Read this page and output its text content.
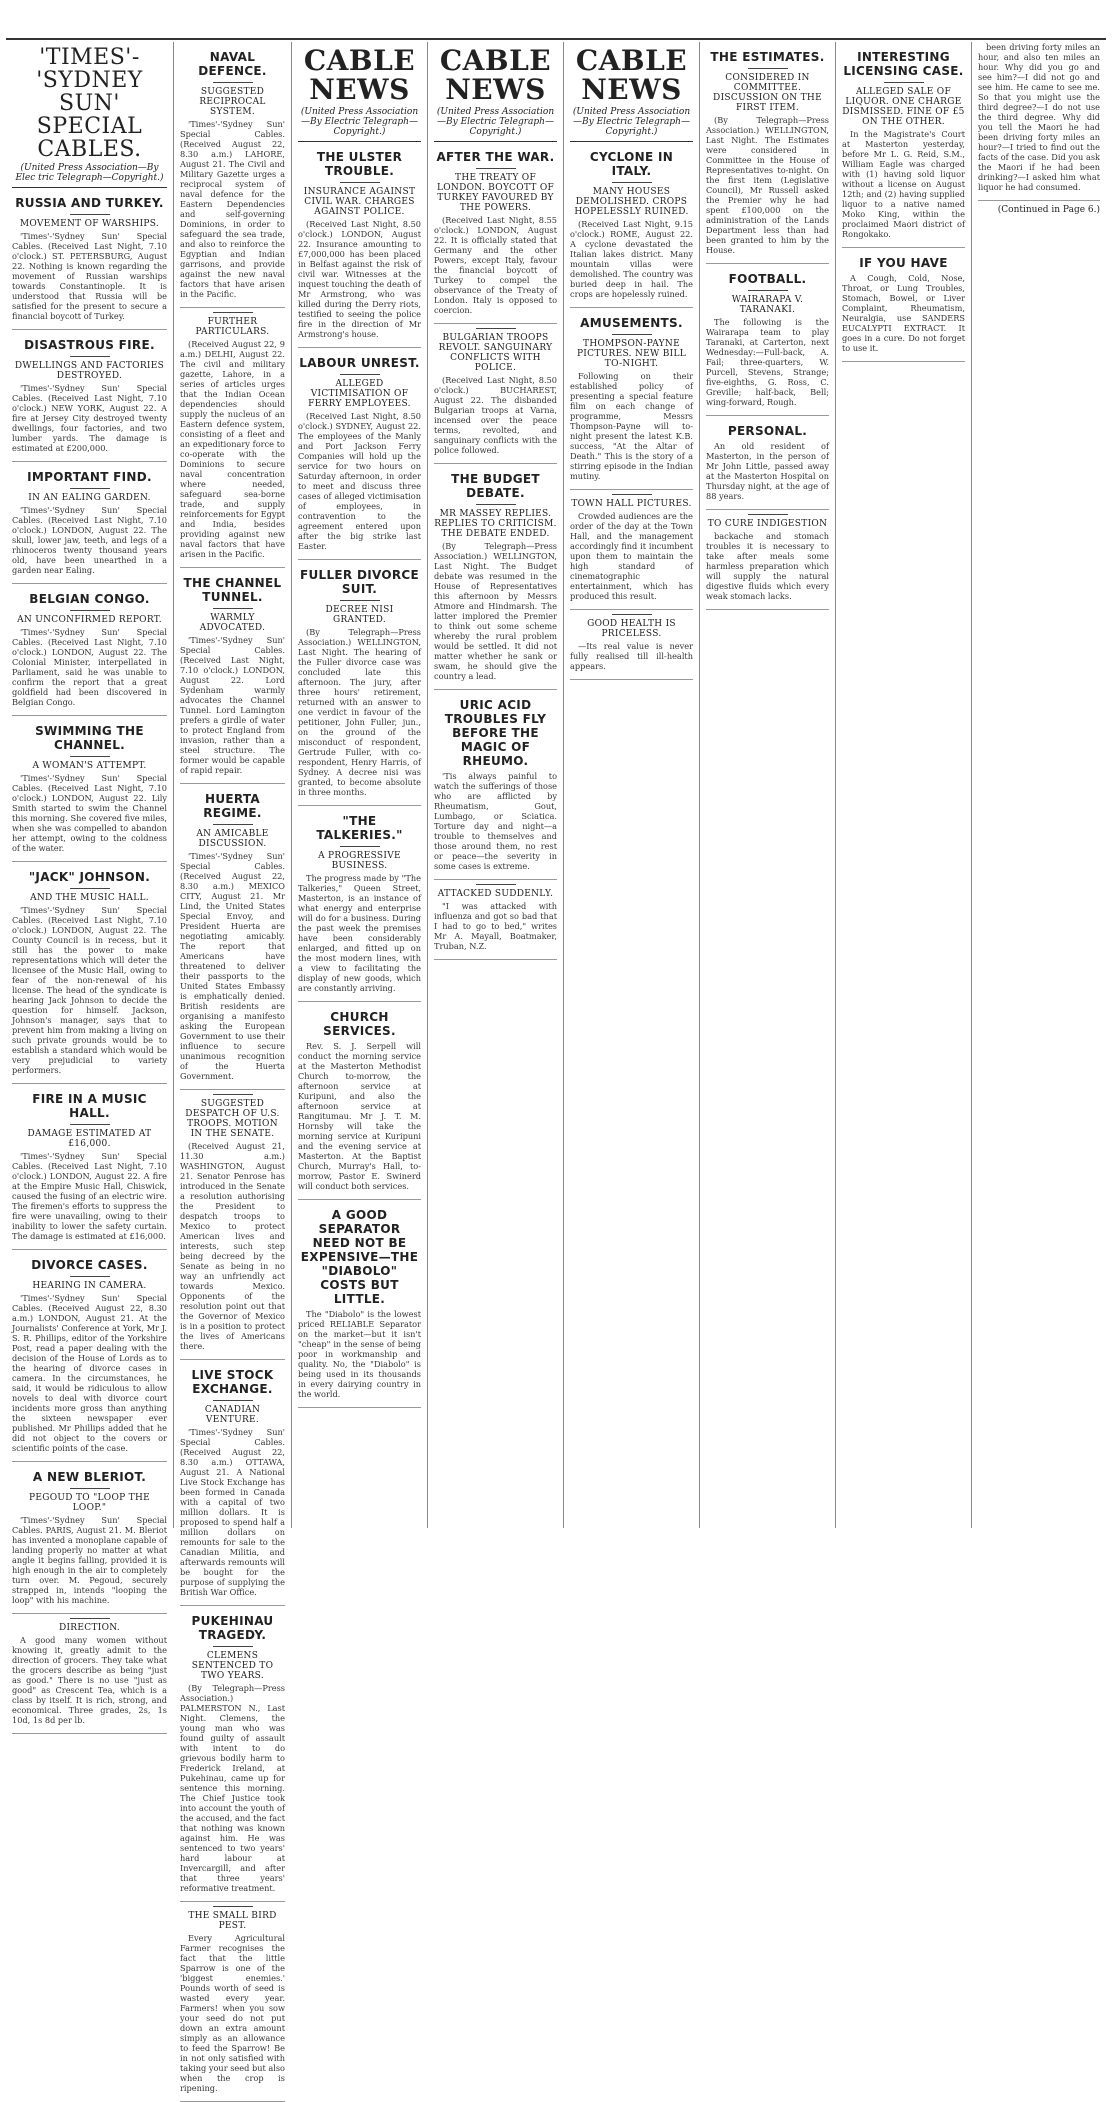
'TIMES'-'SYDNEY SUN' SPECIAL CABLES.
(United Press Association—By Elec tric Telegraph—Copyright.)
RUSSIA AND TURKEY.
MOVEMENT OF WARSHIPS.

'Times'-'Sydney Sun' Special Cables. (Received Last Night, 7.10 o'clock.) ST. PETERSBURG, August 22. Nothing is known regarding the movement of Russian warships towards Constantinople. It is understood that Russia will be satisfied for the present to secure a financial boycott of Turkey.

DISASTROUS FIRE.
DWELLINGS AND FACTORIES DESTROYED.

'Times'-'Sydney Sun' Special Cables. (Received Last Night, 7.10 o'clock.) NEW YORK, August 22. A fire at Jersey City destroyed twenty dwellings, four factories, and two lumber yards. The damage is estimated at £200,000.

IMPORTANT FIND.
IN AN EALING GARDEN.

'Times'-'Sydney Sun' Special Cables. (Received Last Night, 7.10 o'clock.) LONDON, August 22. The skull, lower jaw, teeth, and legs of a rhinoceros twenty thousand years old, have been unearthed in a garden near Ealing.

BELGIAN CONGO.
AN UNCONFIRMED REPORT.

'Times'-'Sydney Sun' Special Cables. (Received Last Night, 7.10 o'clock.) LONDON, August 22. The Colonial Minister, interpellated in Parliament, said he was unable to confirm the report that a great goldfield had been discovered in Belgian Congo.

SWIMMING THE CHANNEL.
A WOMAN'S ATTEMPT.

'Times'-'Sydney Sun' Special Cables. (Received Last Night, 7.10 o'clock.) LONDON, August 22. Lily Smith started to swim the Channel this morning. She covered five miles, when she was compelled to abandon her attempt, owing to the coldness of the water.

"JACK" JOHNSON.
AND THE MUSIC HALL.

'Times'-'Sydney Sun' Special Cables. (Received Last Night, 7.10 o'clock.) LONDON, August 22. The County Council is in recess, but it still has the power to make representations which will deter the licensee of the Music Hall, owing to fear of the non-renewal of his license. The head of the syndicate is hearing Jack Johnson to decide the question for himself. Jackson, Johnson's manager, says that to prevent him from making a living on such private grounds would be to establish a standard which would be very prejudicial to variety performers.

FIRE IN A MUSIC HALL.
DAMAGE ESTIMATED AT £16,000.

'Times'-'Sydney Sun' Special Cables. (Received Last Night, 7.10 o'clock.) LONDON, August 22. A fire at the Empire Music Hall, Chiswick, caused the fusing of an electric wire. The firemen's efforts to suppress the fire were unavailing, owing to their inability to lower the safety curtain. The damage is estimated at £16,000.

DIVORCE CASES.
HEARING IN CAMERA.

'Times'-'Sydney Sun' Special Cables. (Received August 22, 8.30 a.m.) LONDON, August 21. At the Journalists' Conference at York, Mr J. S. R. Phillips, editor of the Yorkshire Post, read a paper dealing with the decision of the House of Lords as to the hearing of divorce cases in camera. In the circumstances, he said, it would be ridiculous to allow novels to deal with divorce court incidents more gross than anything the sixteen newspaper ever published. Mr Phillips added that he did not object to the covers or scientific points of the case.

A NEW BLERIOT.
PEGOUD TO "LOOP THE LOOP."

'Times'-'Sydney Sun' Special Cables. PARIS, August 21. M. Bleriot has invented a monoplane capable of landing properly no matter at what angle it begins falling, provided it is high enough in the air to completely turn over. M. Pegoud, securely strapped in, intends "looping the loop" with his machine.

DIRECTION.

A good many women without knowing it, greatly admit to the direction of grocers. They take what the grocers describe as being "just as good." There is no use "just as good" as Crescent Tea, which is a class by itself. It is rich, strong, and economical. Three grades, 2s, 1s 10d, 1s 8d per lb.

NAVAL DEFENCE.
SUGGESTED RECIPROCAL SYSTEM.

'Times'-'Sydney Sun' Special Cables. (Received August 22, 8.30 a.m.) LAHORE, August 21. The Civil and Military Gazette urges a reciprocal system of naval defence for the Eastern Dependencies and self-governing Dominions, in order to safeguard the sea trade, and also to reinforce the Egyptian and Indian garrisons, and provide against the new naval factors that have arisen in the Pacific.

FURTHER PARTICULARS.

(Received August 22, 9 a.m.) DELHI, August 22. The civil and military gazette, Lahore, in a series of articles urges that the Indian Ocean dependencies should supply the nucleus of an Eastern defence system, consisting of a fleet and an expeditionary force to co-operate with the Dominions to secure naval concentration where needed, safeguard sea-borne trade, and supply reinforcements for Egypt and India, besides providing against new naval factors that have arisen in the Pacific.

THE CHANNEL TUNNEL.
WARMLY ADVOCATED.

'Times'-'Sydney Sun' Special Cables. (Received Last Night, 7.10 o'clock.) LONDON, August 22. Lord Sydenham warmly advocates the Channel Tunnel. Lord Lamington prefers a girdle of water to protect England from invasion, rather than a steel structure. The former would be capable of rapid repair.

HUERTA REGIME.
AN AMICABLE DISCUSSION.

'Times'-'Sydney Sun' Special Cables. (Received August 22, 8.30 a.m.) MEXICO CITY, August 21. Mr Lind, the United States Special Envoy, and President Huerta are negotiating amicably. The report that Americans have threatened to deliver their passports to the United States Embassy is emphatically denied. British residents are organising a manifesto asking the European Government to use their influence to secure unanimous recognition of the Huerta Government.

SUGGESTED DESPATCH OF U.S. TROOPS. MOTION IN THE SENATE.

(Received August 21, 11.30 a.m.) WASHINGTON, August 21. Senator Penrose has introduced in the Senate a resolution authorising the President to despatch troops to Mexico to protect American lives and interests, such step being decreed by the Senate as being in no way an unfriendly act towards Mexico. Opponents of the resolution point out that the Governor of Mexico is in a position to protect the lives of Americans there.

LIVE STOCK EXCHANGE.
CANADIAN VENTURE.

'Times'-'Sydney Sun' Special Cables. (Received August 22, 8.30 a.m.) OTTAWA, August 21. A National Live Stock Exchange has been formed in Canada with a capital of two million dollars. It is proposed to spend half a million dollars on remounts for sale to the Canadian Militia, and afterwards remounts will be bought for the purpose of supplying the British War Office.

PUKEHINAU TRAGEDY.
CLEMENS SENTENCED TO TWO YEARS.

(By Telegraph—Press Association.) PALMERSTON N., Last Night. Clemens, the young man who was found guilty of assault with intent to do grievous bodily harm to Frederick Ireland, at Pukehinau, came up for sentence this morning. The Chief Justice took into account the youth of the accused, and the fact that nothing was known against him. He was sentenced to two years' hard labour at Invercargill, and after that three years' reformative treatment.

THE SMALL BIRD PEST.

Every Agricultural Farmer recognises the fact that the little Sparrow is one of the 'biggest enemies.' Pounds worth of seed is wasted every year. Farmers! when you sow your seed do not put down an extra amount simply as an allowance to feed the Sparrow! Be in not only satisfied with taking your seed but also when the crop is ripening.

CABLE NEWS
(United Press Association—By Electric Telegraph—Copyright.)
THE ULSTER TROUBLE.
INSURANCE AGAINST CIVIL WAR. CHARGES AGAINST POLICE.

(Received Last Night, 8.50 o'clock.) LONDON, August 22. Insurance amounting to £7,000,000 has been placed in Belfast against the risk of civil war. Witnesses at the inquest touching the death of Mr Armstrong, who was killed during the Derry riots, testified to seeing the police fire in the direction of Mr Armstrong's house.

LABOUR UNREST.
ALLEGED VICTIMISATION OF FERRY EMPLOYEES.

(Received Last Night, 8.50 o'clock.) SYDNEY, August 22. The employees of the Manly and Port Jackson Ferry Companies will hold up the service for two hours on Saturday afternoon, in order to meet and discuss three cases of alleged victimisation of employees, in contravention to the agreement entered upon after the big strike last Easter.

FULLER DIVORCE SUIT.
DECREE NISI GRANTED.

(By Telegraph—Press Association.) WELLINGTON, Last Night. The hearing of the Fuller divorce case was concluded late this afternoon. The jury, after three hours' retirement, returned with an answer to one verdict in favour of the petitioner, John Fuller, jun., on the ground of the misconduct of respondent, Gertrude Fuller, with co-respondent, Henry Harris, of Sydney. A decree nisi was granted, to become absolute in three months.

"THE TALKERIES."
A PROGRESSIVE BUSINESS.

The progress made by "The Talkeries," Queen Street, Masterton, is an instance of what energy and enterprise will do for a business. During the past week the premises have been considerably enlarged, and fitted up on the most modern lines, with a view to facilitating the display of new goods, which are constantly arriving.

CHURCH SERVICES.

Rev. S. J. Serpell will conduct the morning service at the Masterton Methodist Church to-morrow, the afternoon service at Kuripuni, and also the afternoon service at Rangitumau. Mr J. T. M. Hornsby will take the morning service at Kuripuni and the evening service at Masterton. At the Baptist Church, Murray's Hall, to-morrow, Pastor E. Swinerd will conduct both services.

A GOOD SEPARATOR NEED NOT BE EXPENSIVE—THE "DIABOLO" COSTS BUT LITTLE.

The "Diabolo" is the lowest priced RELIABLE Separator on the market—but it isn't "cheap" in the sense of being poor in workmanship and quality. No, the "Diabolo" is being used in its thousands in every dairying country in the world.

CABLE NEWS
(United Press Association—By Electric Telegraph—Copyright.)
AFTER THE WAR.
THE TREATY OF LONDON. BOYCOTT OF TURKEY FAVOURED BY THE POWERS.

(Received Last Night, 8.55 o'clock.) LONDON, August 22. It is officially stated that Germany and the other Powers, except Italy, favour the financial boycott of Turkey to compel the observance of the Treaty of London. Italy is opposed to coercion.

BULGARIAN TROOPS REVOLT. SANGUINARY CONFLICTS WITH POLICE.

(Received Last Night, 8.50 o'clock.) BUCHAREST, August 22. The disbanded Bulgarian troops at Varna, incensed over the peace terms, revolted, and sanguinary conflicts with the police followed.

THE BUDGET DEBATE.
MR MASSEY REPLIES. REPLIES TO CRITICISM. THE DEBATE ENDED.

(By Telegraph—Press Association.) WELLINGTON, Last Night. The Budget debate was resumed in the House of Representatives this afternoon by Messrs Atmore and Hindmarsh. The latter implored the Premier to think out some scheme whereby the rural problem would be settled. It did not matter whether he sank or swam, he should give the country a lead.

URIC ACID TROUBLES FLY BEFORE THE MAGIC OF RHEUMO.

'Tis always painful to watch the sufferings of those who are afflicted by Rheumatism, Gout, Lumbago, or Sciatica. Torture day and night—a trouble to themselves and those around them, no rest or peace—the severity in some cases is extreme.

ATTACKED SUDDENLY.

"I was attacked with influenza and got so bad that I had to go to bed," writes Mr A. Mayall, Boatmaker, Truban, N.Z.

CABLE NEWS
(United Press Association—By Electric Telegraph—Copyright.)
CYCLONE IN ITALY.
MANY HOUSES DEMOLISHED. CROPS HOPELESSLY RUINED.

(Received Last Night, 9.15 o'clock.) ROME, August 22. A cyclone devastated the Italian lakes district. Many mountain villas were demolished. The country was buried deep in hail. The crops are hopelessly ruined.

AMUSEMENTS.
THOMPSON-PAYNE PICTURES. NEW BILL TO-NIGHT.

Following on their established policy of presenting a special feature film on each change of programme, Messrs Thompson-Payne will to-night present the latest K.B. success, "At the Altar of Death." This is the story of a stirring episode in the Indian mutiny.

TOWN HALL PICTURES.

Crowded audiences are the order of the day at the Town Hall, and the management accordingly find it incumbent upon them to maintain the high standard of cinematographic entertainment, which has produced this result.

GOOD HEALTH IS PRICELESS.

—Its real value is never fully realised till ill-health appears.

THE ESTIMATES.
CONSIDERED IN COMMITTEE. DISCUSSION ON THE FIRST ITEM.

(By Telegraph—Press Association.) WELLINGTON, Last Night. The Estimates were considered in Committee in the House of Representatives to-night. On the first item (Legislative Council), Mr Russell asked the Premier why he had spent £100,000 on the administration of the Lands Department less than had been granted to him by the House.

FOOTBALL.
WAIRARAPA V. TARANAKI.

The following is the Wairarapa team to play Taranaki, at Carterton, next Wednesday:—Full-back, A. Fail; three-quarters, W. Purcell, Stevens, Strange; five-eighths, G. Ross, C. Greville; half-back, Bell; wing-forward, Rough.

PERSONAL.

An old resident of Masterton, in the person of Mr John Little, passed away at the Masterton Hospital on Thursday night, at the age of 88 years.

TO CURE INDIGESTION

backache and stomach troubles it is necessary to take after meals some harmless preparation which will supply the natural digestive fluids which every weak stomach lacks.

INTERESTING LICENSING CASE.
ALLEGED SALE OF LIQUOR. ONE CHARGE DISMISSED. FINE OF £5 ON THE OTHER.

In the Magistrate's Court at Masterton yesterday, before Mr L. G. Reid, S.M., William Eagle was charged with (1) having sold liquor without a license on August 12th; and (2) having supplied liquor to a native named Moko King, within the proclaimed Maori district of Rongokako.

IF YOU HAVE

A Cough, Cold, Nose, Throat, or Lung Troubles, Stomach, Bowel, or Liver Complaint, Rheumatism, Neuralgia, use SANDERS EUCALYPTI EXTRACT. It goes in a cure. Do not forget to use it.

been driving forty miles an hour, and also ten miles an hour. Why did you go and see him?—I did not go and see him. He came to see me. So that you might use the third degree?—I do not use the third degree. Why did you tell the Maori he had been driving forty miles an hour?—I tried to find out the facts of the case. Did you ask the Maori if he had been drinking?—I asked him what liquor he had consumed.

(Continued in Page 6.)
